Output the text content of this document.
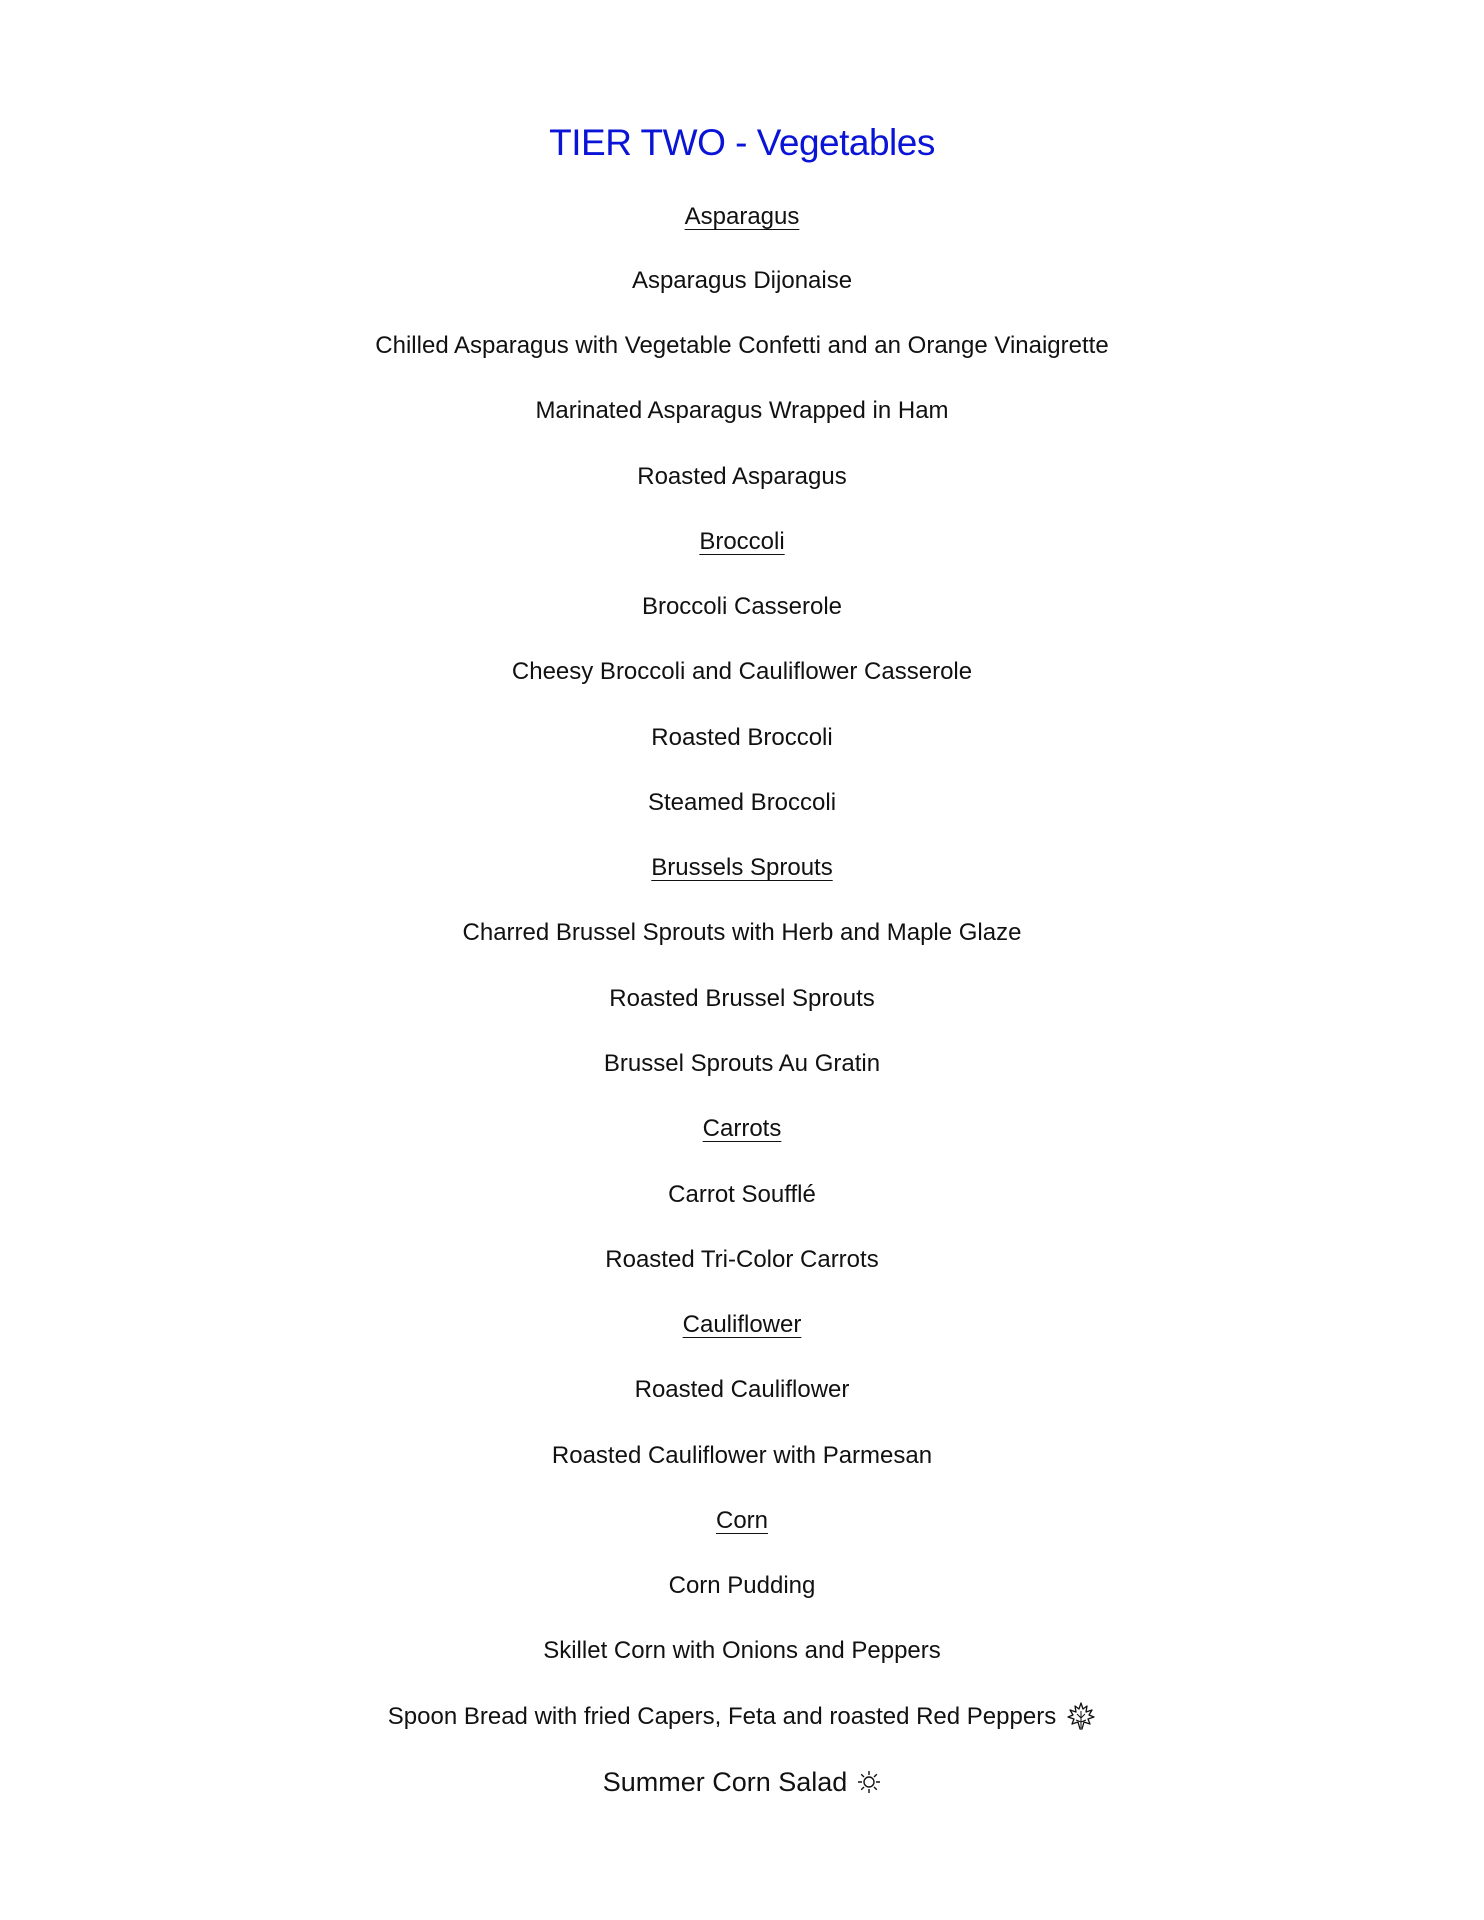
TIER TWO - Vegetables
Asparagus
Asparagus Dijonaise
Chilled Asparagus with Vegetable Confetti and an Orange Vinaigrette
Marinated Asparagus Wrapped in Ham
Roasted Asparagus
Broccoli
Broccoli Casserole
Cheesy Broccoli and Cauliflower Casserole
Roasted Broccoli
Steamed Broccoli
Brussels Sprouts
Charred Brussel Sprouts with Herb and Maple Glaze
Roasted Brussel Sprouts
Brussel Sprouts Au Gratin
Carrots
Carrot Soufflé
Roasted Tri-Color Carrots
Cauliflower
Roasted Cauliflower
Roasted Cauliflower with Parmesan
Corn
Corn Pudding
Skillet Corn with Onions and Peppers
Spoon Bread with fried Capers, Feta and roasted Red Peppers
Summer Corn Salad
